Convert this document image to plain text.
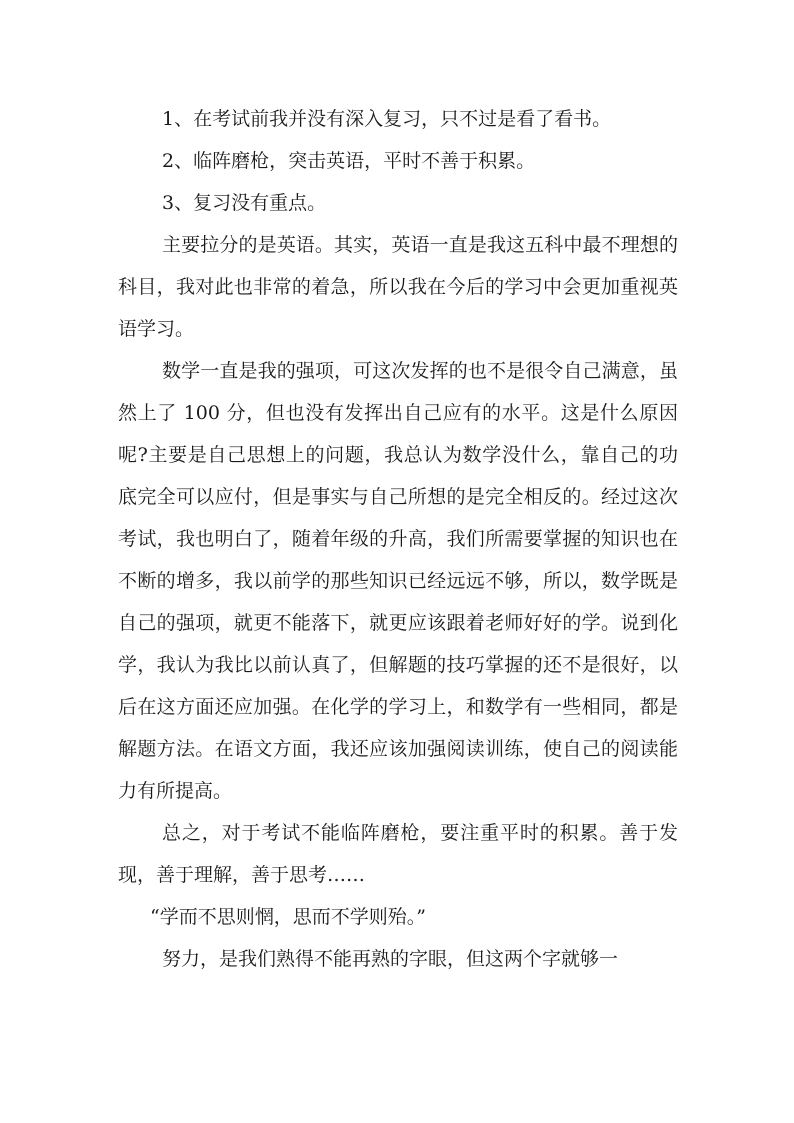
1、在考试前我并没有深入复习，只不过是看了看书。

2、临阵磨枪，突击英语，平时不善于积累。

3、复习没有重点。

主要拉分的是英语。其实，英语一直是我这五科中最不理想的科目，我对此也非常的着急，所以我在今后的学习中会更加重视英语学习。

数学一直是我的强项，可这次发挥的也不是很令自己满意，虽然上了 100 分，但也没有发挥出自己应有的水平。这是什么原因呢?主要是自己思想上的问题，我总认为数学没什么，靠自己的功底完全可以应付，但是事实与自己所想的是完全相反的。经过这次考试，我也明白了，随着年级的升高，我们所需要掌握的知识也在不断的增多，我以前学的那些知识已经远远不够，所以，数学既是自己的强项，就更不能落下，就更应该跟着老师好好的学。说到化学，我认为我比以前认真了，但解题的技巧掌握的还不是很好，以后在这方面还应加强。在化学的学习上，和数学有一些相同，都是解题方法。在语文方面，我还应该加强阅读训练，使自己的阅读能力有所提高。

总之，对于考试不能临阵磨枪，要注重平时的积累。善于发现，善于理解，善于思考……

“学而不思则惘，思而不学则殆。”

努力，是我们熟得不能再熟的字眼，但这两个字就够一
